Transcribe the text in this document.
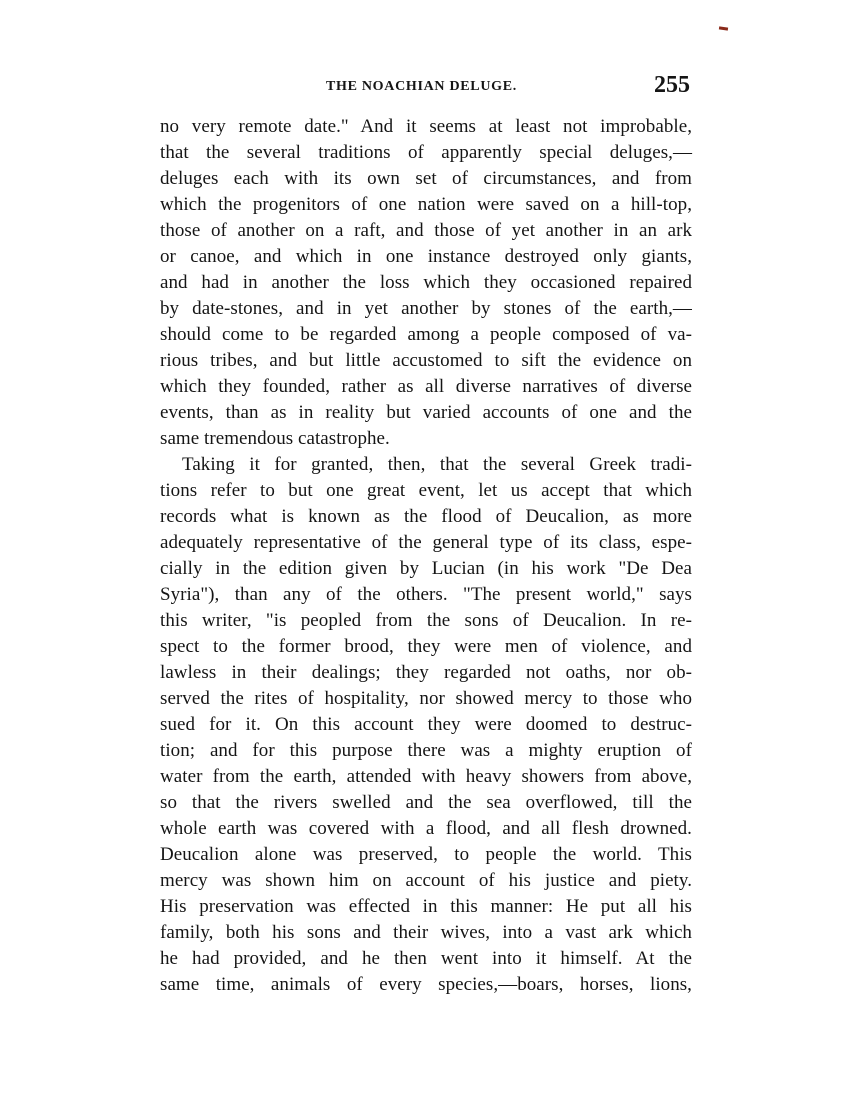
THE NOACHIAN DELUGE.	255
no very remote date." And it seems at least not improbable,
that the several traditions of apparently special deluges,—
deluges each with its own set of circumstances, and from
which the progenitors of one nation were saved on a hill-top,
those of another on a raft, and those of yet another in an ark
or canoe, and which in one instance destroyed only giants,
and had in another the loss which they occasioned repaired
by date-stones, and in yet another by stones of the earth,—
should come to be regarded among a people composed of va-
rious tribes, and but little accustomed to sift the evidence on
which they founded, rather as all diverse narratives of diverse
events, than as in reality but varied accounts of one and the
same tremendous catastrophe.
Taking it for granted, then, that the several Greek tradi-
tions refer to but one great event, let us accept that which
records what is known as the flood of Deucalion, as more
adequately representative of the general type of its class, espe-
cially in the edition given by Lucian (in his work "De Dea
Syria"), than any of the others. "The present world," says
this writer, "is peopled from the sons of Deucalion. In re-
spect to the former brood, they were men of violence, and
lawless in their dealings; they regarded not oaths, nor ob-
served the rites of hospitality, nor showed mercy to those who
sued for it. On this account they were doomed to destruc-
tion; and for this purpose there was a mighty eruption of
water from the earth, attended with heavy showers from above,
so that the rivers swelled and the sea overflowed, till the
whole earth was covered with a flood, and all flesh drowned.
Deucalion alone was preserved, to people the world. This
mercy was shown him on account of his justice and piety.
His preservation was effected in this manner: He put all his
family, both his sons and their wives, into a vast ark which
he had provided, and he then went into it himself. At the
same time, animals of every species,—boars, horses, lions,
